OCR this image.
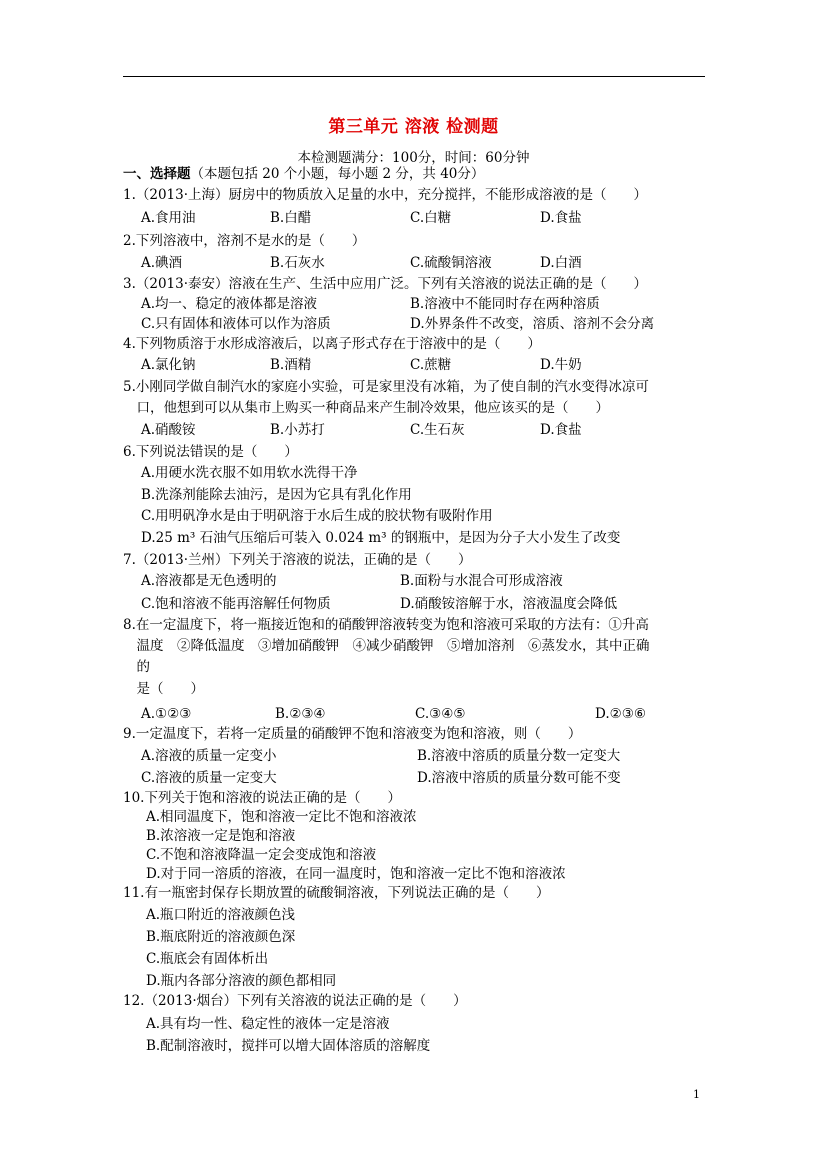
第三单元 溶液 检测题
本检测题满分：100分，时间：60分钟
一、选择题（本题包括 20 个小题，每小题 2 分，共 40分）
1.（2013·上海）厨房中的物质放入足量的水中，充分搅拌，不能形成溶液的是（　　）
A.食用油	B.白醋	C.白糖	D.食盐
2.下列溶液中，溶剂不是水的是（　　）
A.碘酒	B.石灰水	C.硫酸铜溶液	D.白酒
3.（2013·泰安）溶液在生产、生活中应用广泛。下列有关溶液的说法正确的是（　　）
A.均一、稳定的液体都是溶液	B.溶液中不能同时存在两种溶质
C.只有固体和液体可以作为溶质	D.外界条件不改变，溶质、溶剂不会分离
4.下列物质溶于水形成溶液后，以离子形式存在于溶液中的是（　　）
A.氯化钠	B.酒精	C.蔗糖	D.牛奶
5.小刚同学做自制汽水的家庭小实验，可是家里没有冰箱，为了使自制的汽水变得冰凉可
　口，他想到可以从集市上购买一种商品来产生制冷效果，他应该买的是（　　）
A.硝酸铵	B.小苏打	C.生石灰	D.食盐
6.下列说法错误的是（　　）
A.用硬水洗衣服不如用软水洗得干净
B.洗涤剂能除去油污，是因为它具有乳化作用
C.用明矾净水是由于明矾溶于水后生成的胶状物有吸附作用
D.25 m³ 石油气压缩后可装入 0.024 m³ 的钢瓶中，是因为分子大小发生了改变
7.（2013·兰州）下列关于溶液的说法，正确的是（　　）
A.溶液都是无色透明的	B.面粉与水混合可形成溶液
C.饱和溶液不能再溶解任何物质	D.硝酸铵溶解于水，溶液温度会降低
8.在一定温度下，将一瓶接近饱和的硝酸钾溶液转变为饱和溶液可采取的方法有：①升高
　温度　②降低温度　③增加硝酸钾　④减少硝酸钾　⑤增加溶剂　⑥蒸发水，其中正确
　的
　是（　　）
A.①②③	B.②③④	C.③④⑤	D.②③⑥
9.一定温度下，若将一定质量的硝酸钾不饱和溶液变为饱和溶液，则（　　）
A.溶液的质量一定变小	B.溶液中溶质的质量分数一定变大
C.溶液的质量一定变大	D.溶液中溶质的质量分数可能不变
10.下列关于饱和溶液的说法正确的是（　　）
A.相同温度下，饱和溶液一定比不饱和溶液浓
B.浓溶液一定是饱和溶液
C.不饱和溶液降温一定会变成饱和溶液
D.对于同一溶质的溶液，在同一温度时，饱和溶液一定比不饱和溶液浓
11.有一瓶密封保存长期放置的硫酸铜溶液，下列说法正确的是（　　）
A.瓶口附近的溶液颜色浅
B.瓶底附近的溶液颜色深
C.瓶底会有固体析出
D.瓶内各部分溶液的颜色都相同
12.（2013·烟台）下列有关溶液的说法正确的是（　　）
A.具有均一性、稳定性的液体一定是溶液
B.配制溶液时，搅拌可以增大固体溶质的溶解度
1
